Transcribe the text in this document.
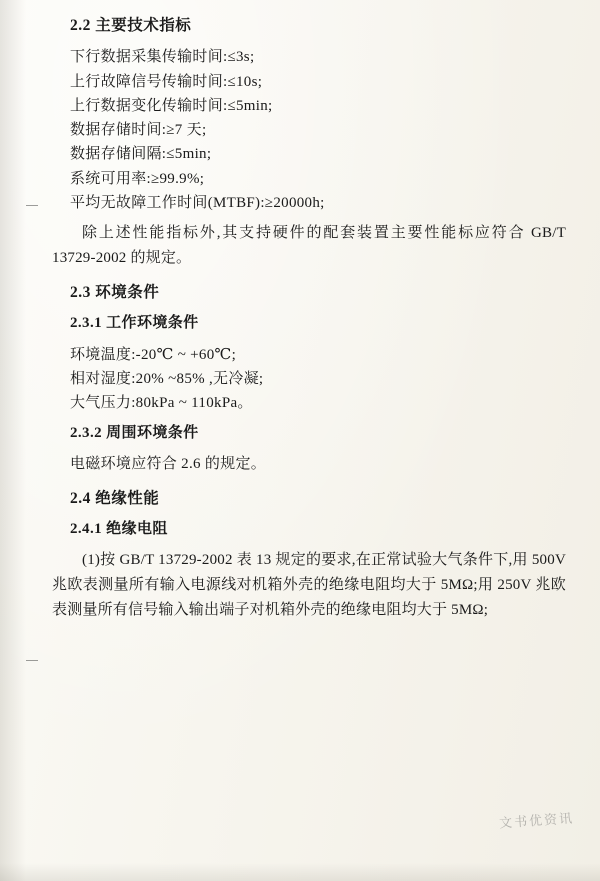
2.2 主要技术指标
下行数据采集传输时间:≤3s;
上行故障信号传输时间:≤10s;
上行数据变化传输时间:≤5min;
数据存储时间:≥7 天;
数据存储间隔:≤5min;
系统可用率:≥99.9%;
平均无故障工作时间(MTBF):≥20000h;
除上述性能指标外,其支持硬件的配套装置主要性能标应符合 GB/T 13729-2002 的规定。
2.3 环境条件
2.3.1 工作环境条件
环境温度:-20℃ ~ +60℃;
相对湿度:20% ~85% ,无冷凝;
大气压力:80kPa ~ 110kPa。
2.3.2 周围环境条件
电磁环境应符合 2.6 的规定。
2.4 绝缘性能
2.4.1 绝缘电阻
(1)按 GB/T 13729-2002 表 13 规定的要求,在正常试验大气条件下,用 500V 兆欧表测量所有输入电源线对机箱外壳的绝缘电阻均大于 5MΩ;用 250V 兆欧表测量所有信号输入输出端子对机箱外壳的绝缘电阻均大于 5MΩ;
文书优资讯
